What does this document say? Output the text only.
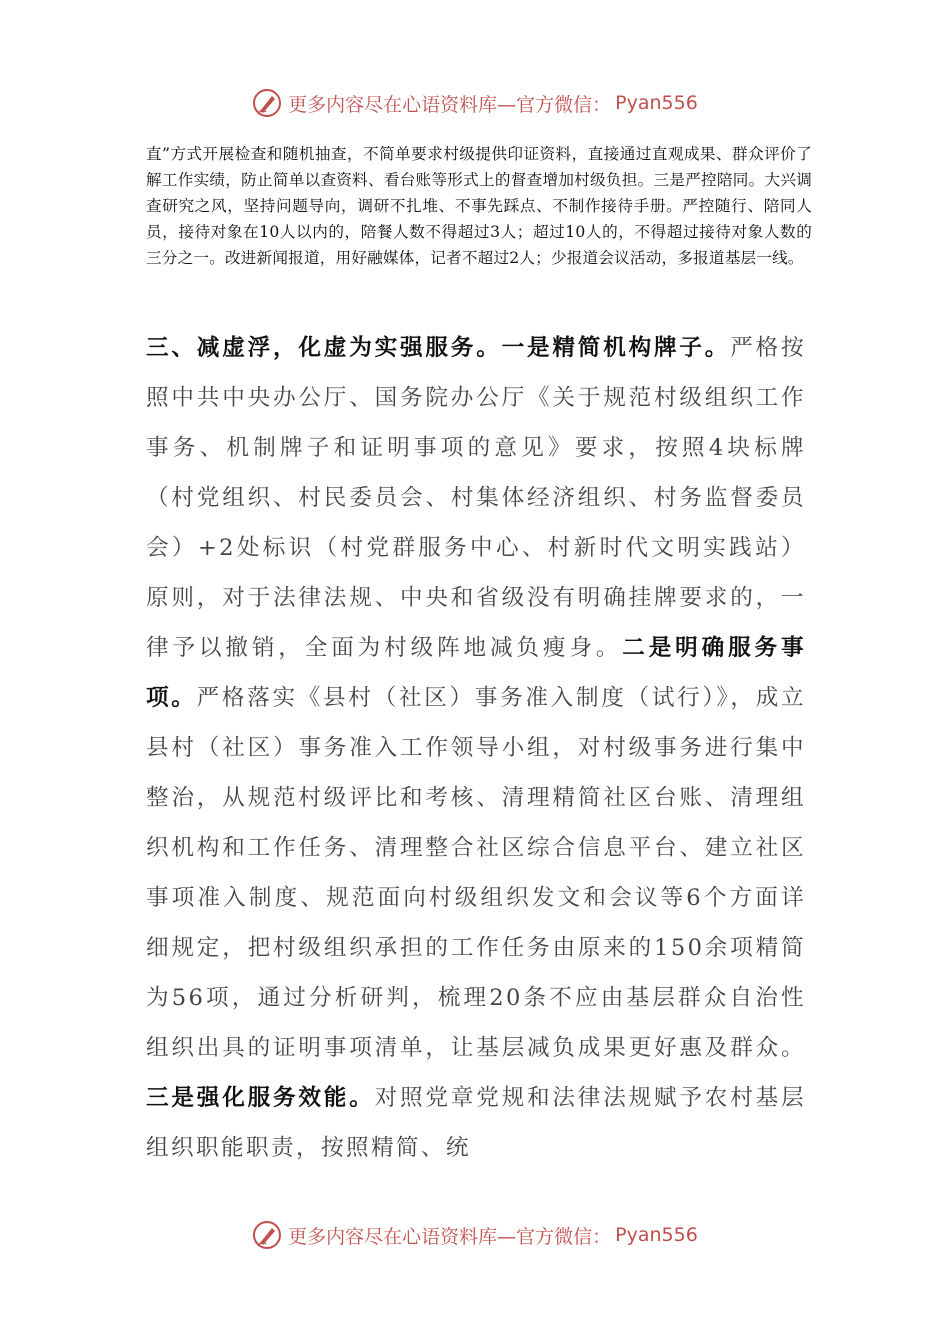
更多内容尽在心语资料库—官方微信： Pyan556

直”方式开展检查和随机抽查，不简单要求村级提供印证资料，直接通过直观成果、群众评价了解工作实绩，防止简单以查资料、看台账等形式上的督查增加村级负担。三是严控陪同。大兴调查研究之风，坚持问题导向，调研不扎堆、不事先踩点、不制作接待手册。严控随行、陪同人员，接待对象在10人以内的，陪餐人数不得超过3人；超过10人的，不得超过接待对象人数的三分之一。改进新闻报道，用好融媒体，记者不超过2人；少报道会议活动，多报道基层一线。

三、减虚浮，化虚为实强服务。一是精简机构牌子。严格按照中共中央办公厅、国务院办公厅《关于规范村级组织工作事务、机制牌子和证明事项的意见》要求，按照4块标牌（村党组织、村民委员会、村集体经济组织、村务监督委员会）+2处标识（村党群服务中心、村新时代文明实践站）原则，对于法律法规、中央和省级没有明确挂牌要求的，一律予以撤销，全面为村级阵地减负瘦身。二是明确服务事项。严格落实《县村（社区）事务准入制度（试行）》，成立县村（社区）事务准入工作领导小组，对村级事务进行集中整治，从规范村级评比和考核、清理精简社区台账、清理组织机构和工作任务、清理整合社区综合信息平台、建立社区事项准入制度、规范面向村级组织发文和会议等6个方面详细规定，把村级组织承担的工作任务由原来的150余项精简为56项，通过分析研判，梳理20条不应由基层群众自治性组织出具的证明事项清单，让基层减负成果更好惠及群众。三是强化服务效能。对照党章党规和法律法规赋予农村基层组织职能职责，按照精简、统

更多内容尽在心语资料库—官方微信： Pyan556
